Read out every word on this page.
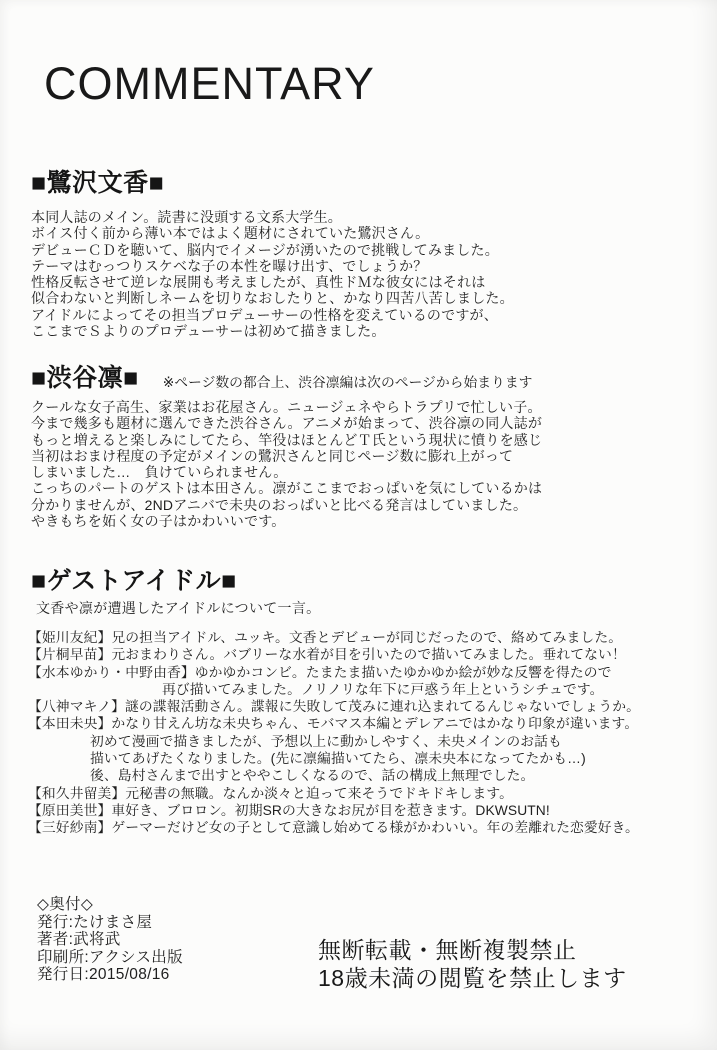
COMMENTARY
■鷺沢文香■
本同人誌のメイン。読書に没頭する文系大学生。
ボイス付く前から薄い本ではよく題材にされていた鷺沢さん。
デビューＣＤを聴いて、脳内でイメージが湧いたので挑戦してみました。
テーマはむっつりスケベな子の本性を曝け出す、でしょうか？
性格反転させて逆レな展開も考えましたが、真性ドＭな彼女にはそれは
似合わないと判断しネームを切りなおしたりと、かなり四苦八苦しました。
アイドルによってその担当プロデューサーの性格を変えているのですが、
ここまでＳよりのプロデューサーは初めて描きました。
■渋谷凛■ ※ページ数の都合上、渋谷凛編は次のページから始まります
クールな女子高生、家業はお花屋さん。ニュージェネやらトラプリで忙しい子。
今まで幾多も題材に選んできた渋谷さん。アニメが始まって、渋谷凛の同人誌が
もっと増えると楽しみにしてたら、竿役はほとんどＴ氏という現状に憤りを感じ
当初はおまけ程度の予定がメインの鷺沢さんと同じページ数に膨れ上がって
しまいました…　負けていられません。
こっちのパートのゲストは本田さん。凛がここまでおっぱいを気にしているかは
分かりませんが、2NDアニバで未央のおっぱいと比べる発言はしていました。
やきもちを妬く女の子はかわいいです。
■ゲストアイドル■
文香や凛が遭遇したアイドルについて一言。
【姫川友紀】兄の担当アイドル、ユッキ。文香とデビューが同じだったので、絡めてみました。
【片桐早苗】元おまわりさん。バブリーな水着が目を引いたので描いてみました。垂れてない！
【水本ゆかり・中野由香】ゆかゆかコンビ。たまたま描いたゆかゆか絵が妙な反響を得たので
再び描いてみました。ノリノリな年下に戸惑う年上というシチュです。
【八神マキノ】謎の諜報活動さん。諜報に失敗して茂みに連れ込まれてるんじゃないでしょうか。
【本田未央】かなり甘えん坊な未央ちゃん、モバマス本編とデレアニではかなり印象が違います。
初めて漫画で描きましたが、予想以上に動かしやすく、未央メインのお話も
描いてあげたくなりました。(先に凛編描いてたら、凛未央本になってたかも…)
後、島村さんまで出すとややこしくなるので、話の構成上無理でした。
【和久井留美】元秘書の無職。なんか淡々と迫って来そうでドキドキします。
【原田美世】車好き、ブロロン。初期SRの大きなお尻が目を惹きます。DKWSUTN!
【三好紗南】ゲーマーだけど女の子として意識し始めてる様がかわいい。年の差離れた恋愛好き。
◇奥付◇
発行:たけまさ屋
著者:武将武
印刷所:アクシス出版
発行日:2015/08/16
無断転載・無断複製禁止
18歳未満の閲覧を禁止します
